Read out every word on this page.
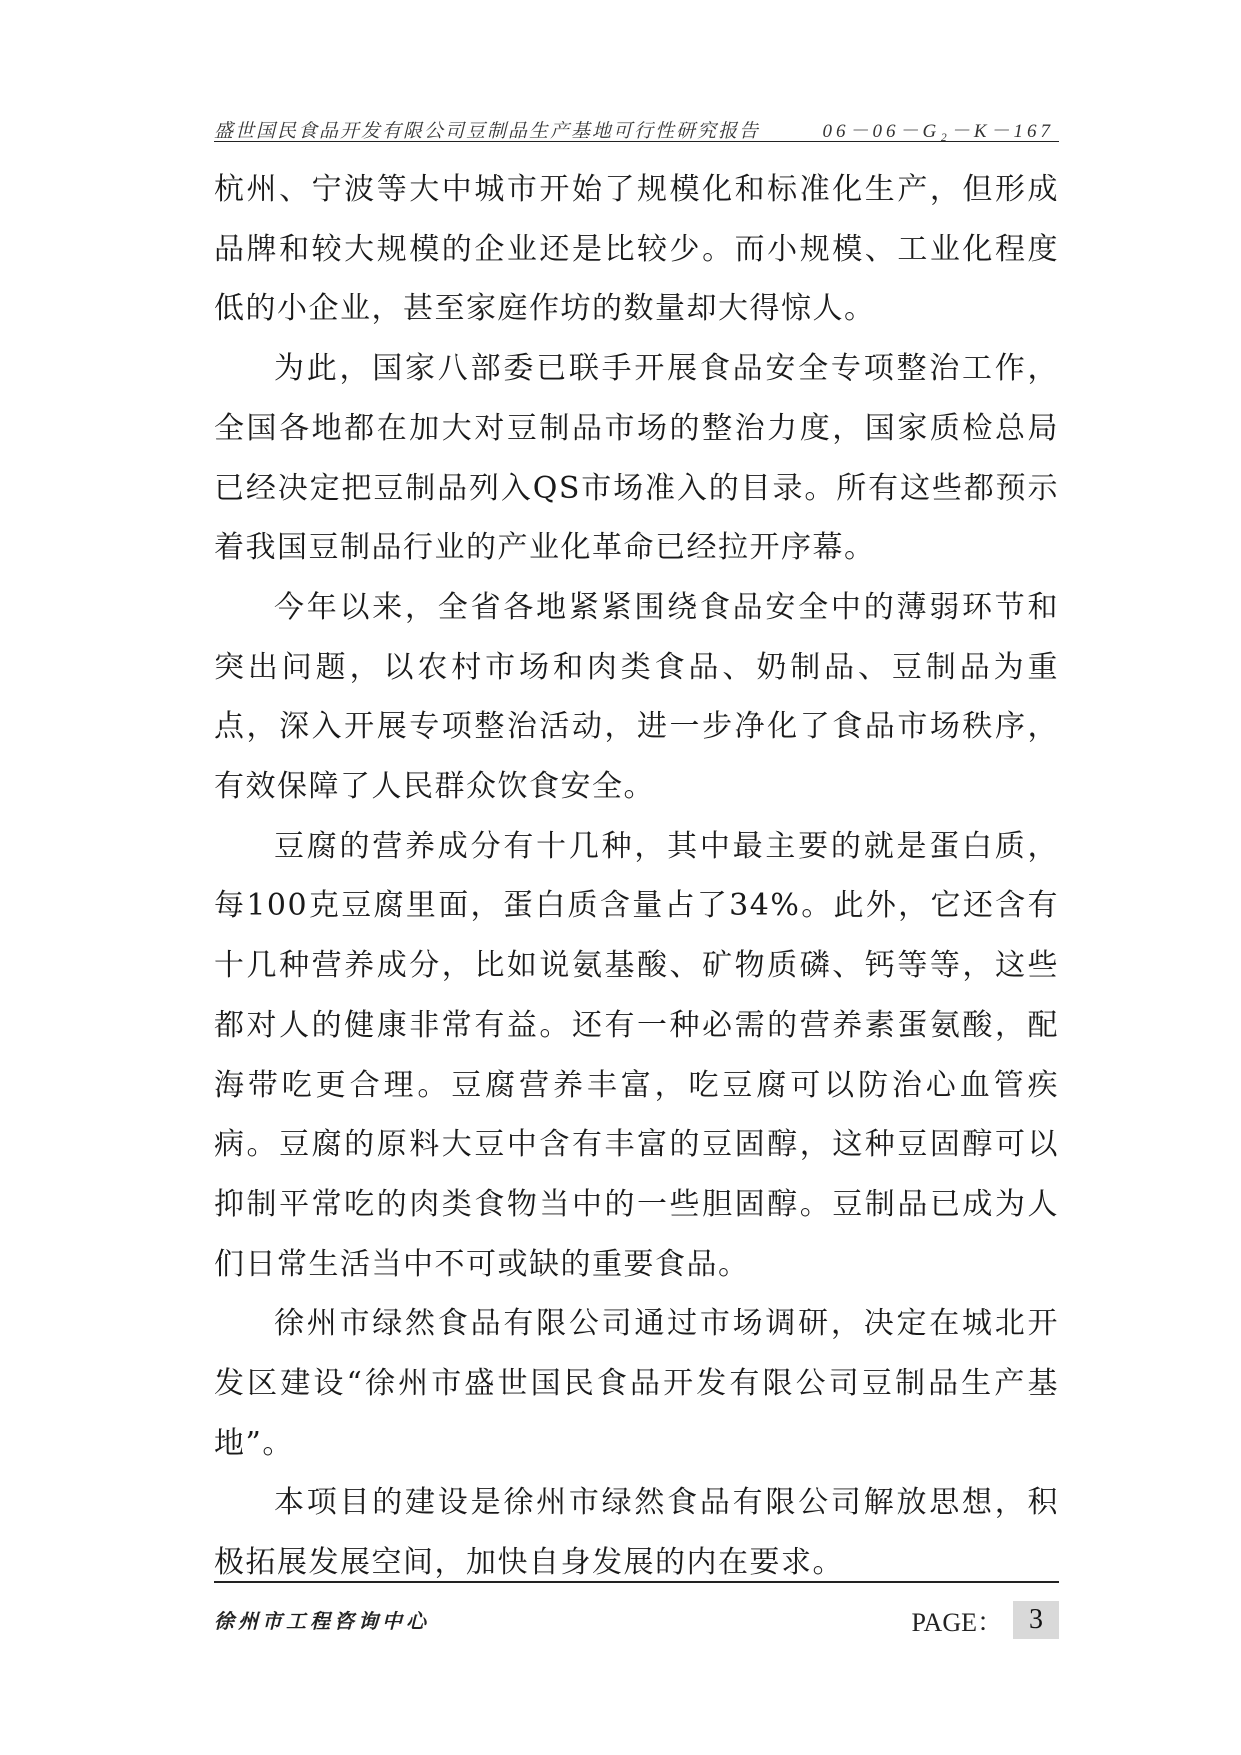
盛世国民食品开发有限公司豆制品生产基地可行性研究报告	06－06－G₂－K－167

杭州、宁波等大中城市开始了规模化和标准化生产，但形成品牌和较大规模的企业还是比较少。而小规模、工业化程度低的小企业，甚至家庭作坊的数量却大得惊人。

为此，国家八部委已联手开展食品安全专项整治工作，全国各地都在加大对豆制品市场的整治力度，国家质检总局已经决定把豆制品列入QS市场准入的目录。所有这些都预示着我国豆制品行业的产业化革命已经拉开序幕。

今年以来，全省各地紧紧围绕食品安全中的薄弱环节和突出问题，以农村市场和肉类食品、奶制品、豆制品为重点，深入开展专项整治活动，进一步净化了食品市场秩序，有效保障了人民群众饮食安全。

豆腐的营养成分有十几种，其中最主要的就是蛋白质，每100克豆腐里面，蛋白质含量占了34%。此外，它还含有十几种营养成分，比如说氨基酸、矿物质磷、钙等等，这些都对人的健康非常有益。还有一种必需的营养素蛋氨酸，配海带吃更合理。豆腐营养丰富，吃豆腐可以防治心血管疾病。豆腐的原料大豆中含有丰富的豆固醇，这种豆固醇可以抑制平常吃的肉类食物当中的一些胆固醇。豆制品已成为人们日常生活当中不可或缺的重要食品。

徐州市绿然食品有限公司通过市场调研，决定在城北开发区建设“徐州市盛世国民食品开发有限公司豆制品生产基地”。

本项目的建设是徐州市绿然食品有限公司解放思想，积极拓展发展空间，加快自身发展的内在要求。

徐州市工程咨询中心	PAGE： 3
